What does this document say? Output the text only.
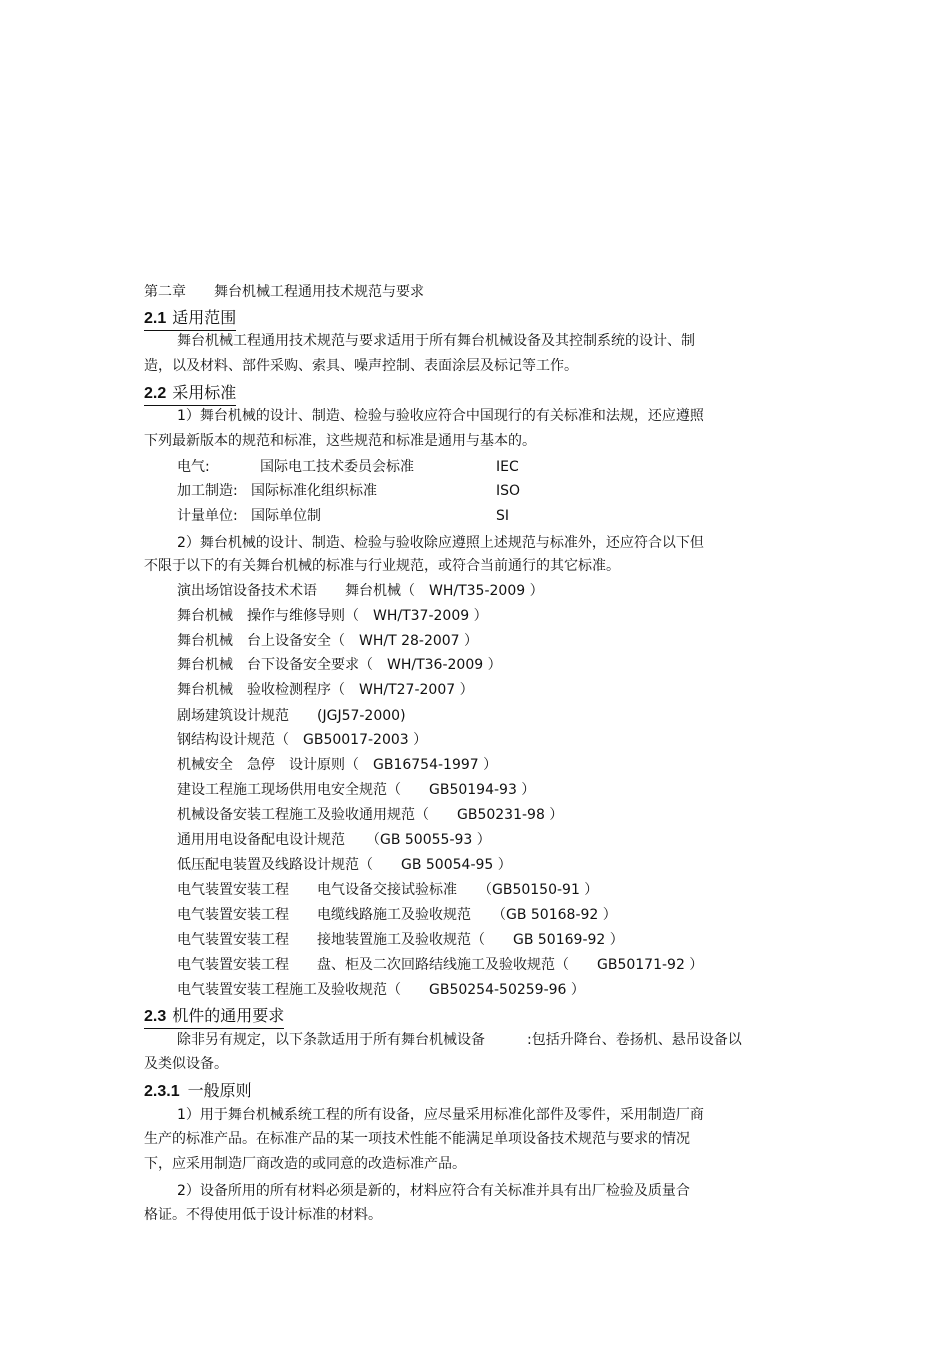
第二章　　舞台机械工程通用技术规范与要求
2.1 适用范围
舞台机械工程通用技术规范与要求适用于所有舞台机械设备及其控制系统的设计、制
造，以及材料、部件采购、索具、噪声控制、表面涂层及标记等工作。
2.2 采用标准
1）舞台机械的设计、制造、检验与验收应符合中国现行的有关标准和法规，还应遵照
下列最新版本的规范和标准，这些规范和标准是通用与基本的。
电气:	国际电工技术委员会标准	IEC
加工制造: 国际标准化组织标准	ISO
计量单位: 国际单位制	SI
2）舞台机械的设计、制造、检验与验收除应遵照上述规范与标准外，还应符合以下但
不限于以下的有关舞台机械的标准与行业规范，或符合当前通行的其它标准。
演出场馆设备技术术语　　舞台机械（　WH/T35-2009 ）
舞台机械　操作与维修导则（　WH/T37-2009 ）
舞台机械　台上设备安全（　WH/T 28-2007 ）
舞台机械　台下设备安全要求（　WH/T36-2009 ）
舞台机械　验收检测程序（　WH/T27-2007 ）
剧场建筑设计规范　　(JGJ57-2000)
钢结构设计规范（　GB50017-2003 ）
机械安全　急停　设计原则（　GB16754-1997 ）
建设工程施工现场供用电安全规范（　　GB50194-93 ）
机械设备安装工程施工及验收通用规范（　　GB50231-98 ）
通用用电设备配电设计规范　　（GB 50055-93 ）
低压配电装置及线路设计规范（　　GB 50054-95 ）
电气装置安装工程　　电气设备交接试验标准　　（GB50150-91 ）
电气装置安装工程　　电缆线路施工及验收规范　　（GB 50168-92 ）
电气装置安装工程　　接地装置施工及验收规范（　　GB 50169-92 ）
电气装置安装工程　　盘、柜及二次回路结线施工及验收规范（　　GB50171-92 ）
电气装置安装工程施工及验收规范（　　GB50254-50259-96 ）
2.3 机件的通用要求
除非另有规定，以下条款适用于所有舞台机械设备　　　:包括升降台、卷扬机、悬吊设备以
及类似设备。
2.3.1 一般原则
1）用于舞台机械系统工程的所有设备，应尽量采用标准化部件及零件，采用制造厂商
生产的标准产品。在标准产品的某一项技术性能不能满足单项设备技术规范与要求的情况
下，应采用制造厂商改造的或同意的改造标准产品。
2）设备所用的所有材料必须是新的，材料应符合有关标准并具有出厂检验及质量合
格证。不得使用低于设计标准的材料。
